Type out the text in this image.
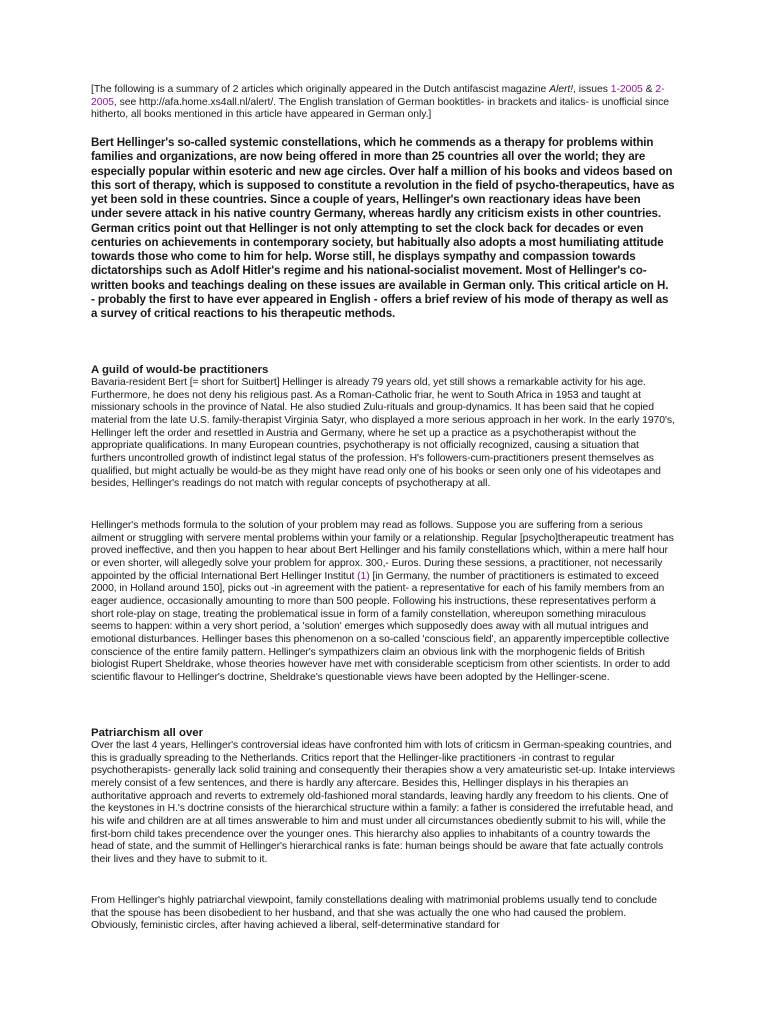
[The following is a summary of 2 articles which originally appeared in the Dutch antifascist magazine Alert!, issues 1-2005 & 2-2005, see http://afa.home.xs4all.nl/alert/. The English translation of German booktitles- in brackets and italics- is unofficial since hitherto, all books mentioned in this article have appeared in German only.]

Bert Hellinger's so-called systemic constellations, which he commends as a therapy for problems within families and organizations, are now being offered in more than 25 countries all over the world; they are especially popular within esoteric and new age circles. Over half a million of his books and videos based on this sort of therapy, which is supposed to constitute a revolution in the field of psycho-therapeutics, have as yet been sold in these countries. Since a couple of years, Hellinger's own reactionary ideas have been under severe attack in his native country Germany, whereas hardly any criticism exists in other countries. German critics point out that Hellinger is not only attempting to set the clock back for decades or even centuries on achievements in contemporary society, but habitually also adopts a most humiliating attitude towards those who come to him for help. Worse still, he displays sympathy and compassion towards dictatorships such as Adolf Hitler's regime and his national-socialist movement. Most of Hellinger's co-written books and teachings dealing on these issues are available in German only. This critical article on H. - probably the first to have ever appeared in English - offers a brief review of his mode of therapy as well as a survey of critical reactions to his therapeutic methods.

A guild of would-be practitioners

Bavaria-resident Bert [= short for Suitbert] Hellinger is already 79 years old, yet still shows a remarkable activity for his age. Furthermore, he does not deny his religious past. As a Roman-Catholic friar, he went to South Africa in 1953 and taught at missionary schools in the province of Natal. He also studied Zulu-rituals and group-dynamics. It has been said that he copied material from the late U.S. family-therapist Virginia Satyr, who displayed a more serious approach in her work. In the early 1970's, Hellinger left the order and resettled in Austria and Germany, where he set up a practice as a psychotherapist without the appropriate qualifications. In many European countries, psychotherapy is not officially recognized, causing a situation that furthers uncontrolled growth of indistinct legal status of the profession. H's followers-cum-practitioners present themselves as qualified, but might actually be would-be as they might have read only one of his books or seen only one of his videotapes and besides, Hellinger's readings do not match with regular concepts of psychotherapy at all.

Hellinger's methods formula to the solution of your problem may read as follows. Suppose you are suffering from a serious ailment or struggling with servere mental problems within your family or a relationship. Regular [psycho]therapeutic treatment has proved ineffective, and then you happen to hear about Bert Hellinger and his family constellations which, within a mere half hour or even shorter, will allegedly solve your problem for approx. 300,- Euros. During these sessions, a practitioner, not necessarily appointed by the official International Bert Hellinger Institut (1) [in Germany, the number of practitioners is estimated to exceed 2000, in Holland around 150], picks out -in agreement with the patient- a representative for each of his family members from an eager audience, occasionally amounting to more than 500 people. Following his instructions, these representatives perform a short role-play on stage, treating the problematical issue in form of a family constellation, whereupon something miraculous seems to happen: within a very short period, a 'solution' emerges which supposedly does away with all mutual intrigues and emotional disturbances. Hellinger bases this phenomenon on a so-called 'conscious field', an apparently imperceptible collective conscience of the entire family pattern. Hellinger's sympathizers claim an obvious link with the morphogenic fields of British biologist Rupert Sheldrake, whose theories however have met with considerable scepticism from other scientists. In order to add scientific flavour to Hellinger's doctrine, Sheldrake's questionable views have been adopted by the Hellinger-scene.

Patriarchism all over

Over the last 4 years, Hellinger's controversial ideas have confronted him with lots of criticsm in German-speaking countries, and this is gradually spreading to the Netherlands. Critics report that the Hellinger-like practitioners -in contrast to regular psychotherapists- generally lack solid training and consequently their therapies show a very amateuristic set-up. Intake interviews merely consist of a few sentences, and there is hardly any aftercare. Besides this, Hellinger displays in his therapies an authoritative approach and reverts to extremely old-fashioned moral standards, leaving hardly any freedom to his clients. One of the keystones in H.'s doctrine consists of the hierarchical structure within a family: a father is considered the irrefutable head, and his wife and children are at all times answerable to him and must under all circumstances obediently submit to his will, while the first-born child takes precendence over the younger ones. This hierarchy also applies to inhabitants of a country towards the head of state, and the summit of Hellinger's hierarchical ranks is fate: human beings should be aware that fate actually controls their lives and they have to submit to it.

From Hellinger's highly patriarchal viewpoint, family constellations dealing with matrimonial problems usually tend to conclude that the spouse has been disobedient to her husband, and that she was actually the one who had caused the problem. Obviously, feministic circles, after having achieved a liberal, self-determinative standard for
